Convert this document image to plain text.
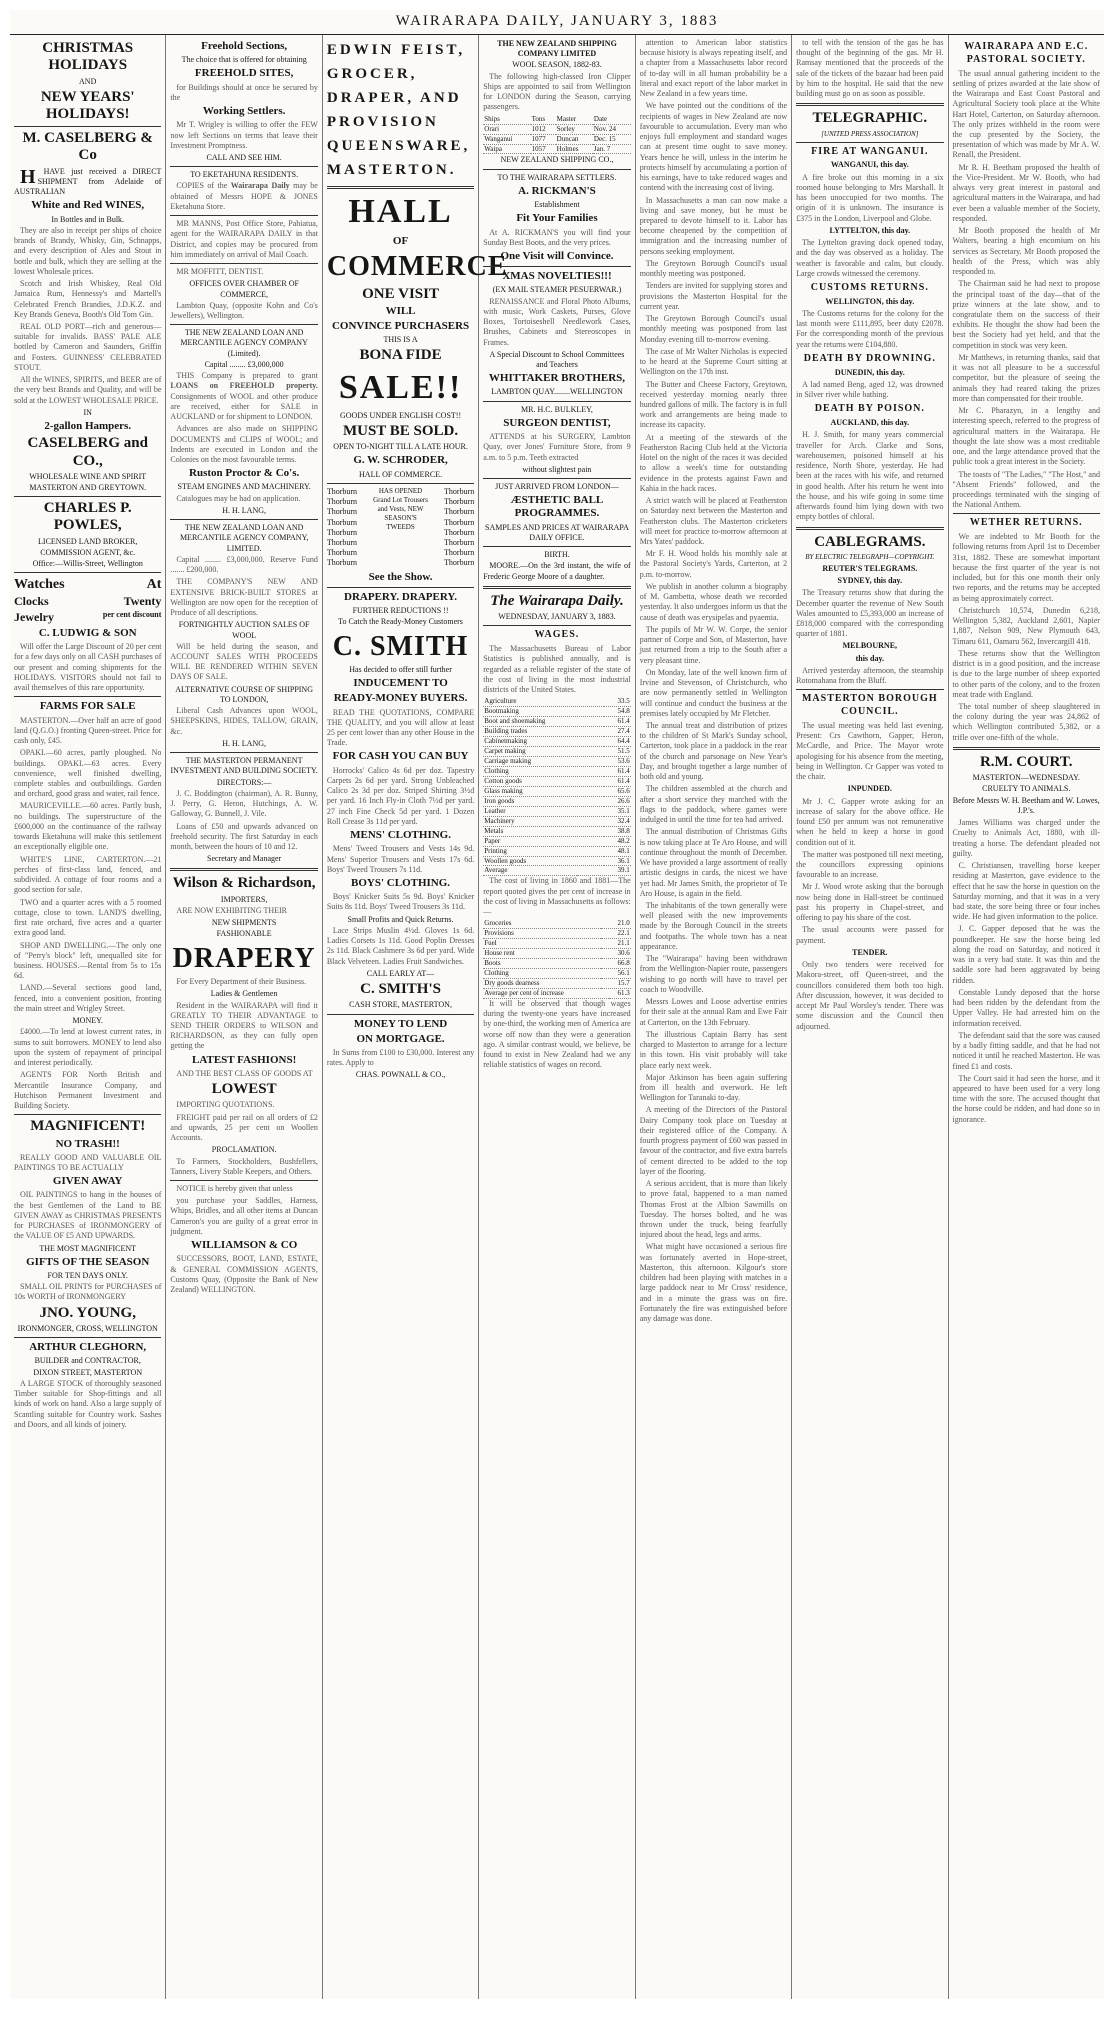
WAIRARAPA DAILY, JANUARY 3, 1883
CHRISTMAS HOLIDAYS
AND
NEW YEARS' HOLIDAYS!
M. CASELBERG & Co

H HAVE just received a DIRECT SHIPMENT from Adelaide of AUSTRALIAN

White and Red WINES,
In Bottles and in Bulk.

They are also in receipt per ships of choice brands of Brandy, Whisky, Gin, Schnapps, and every description of Ales and Stout in bottle and bulk, which they are selling at the lowest Wholesale prices.

Scotch and Irish Whiskey, Real Old Jamaica Rum, Hennessy's and Martell's Celebrated French Brandies, J.D.K.Z. and Key Brands Geneva, Booth's Old Tom Gin.

REAL OLD PORT—rich and generous—suitable for invalids. BASS' PALE ALE bottled by Cameron and Saunders, Griffin and Fosters. GUINNESS' CELEBRATED STOUT.

All the WINES, SPIRITS, and BEER are of the very best Brands and Quality, and will be sold at the LOWEST WHOLESALE PRICE.

IN
2-gallon Hampers.
CASELBERG and CO.,
WHOLESALE WINE AND SPIRIT
MASTERTON AND GREYTOWN.
CHARLES P. POWLES,
LICENSED LAND BROKER,
COMMISSION AGENT, &c.
Office:—Willis-Street, Wellington
Watches	At
Clocks	Twenty
Jewelry	per cent discount
C. LUDWIG & SON

Will offer the Large Discount of 20 per cent for a few days only on all CASH purchases of our present and coming shipments for the HOLIDAYS. VISITORS should not fail to avail themselves of this rare opportunity.

FARMS FOR SALE

MASTERTON.—Over half an acre of good land (Q.G.O.) fronting Queen-street. Price for cash only, £45.

OPAKI.—60 acres, partly ploughed. No buildings. OPAKI.—63 acres. Every convenience, well finished dwelling, complete stables and outbuildings. Garden and orchard, good grass and water, rail fence.

MAURICEVILLE.—60 acres. Partly bush, no buildings. The superstructure of the £600,000 on the continuance of the railway towards Eketahuna will make this settlement an exceptionally eligible one.

WHITE'S LINE, CARTERTON.—21 perches of first-class land, fenced, and subdivided. A cottage of four rooms and a good section for sale.

TWO and a quarter acres with a 5 roomed cottage, close to town. LAND'S dwelling, first rate orchard, five acres and a quarter extra good land.

SHOP AND DWELLING.—The only one of "Perry's block" left, unequalled site for business. HOUSES.—Rental from 5s to 15s 6d.

LAND.—Several sections good land, fenced, into a convenient position, fronting the main street and Wrigley Street.

MONEY.

£4000.—To lend at lowest current rates, in sums to suit borrowers. MONEY to lend also upon the system of repayment of principal and interest periodically.

AGENTS FOR North British and Mercantile Insurance Company, and Hutchison Permanent Investment and Building Society.

MAGNIFICENT!
NO TRASH!!

REALLY GOOD AND VALUABLE OIL PAINTINGS TO BE ACTUALLY

GIVEN AWAY

OIL PAINTINGS to hang in the houses of the best Gentlemen of the Land to BE GIVEN AWAY as CHRISTMAS PRESENTS for PURCHASES of IRONMONGERY of the VALUE OF £5 AND UPWARDS.

THE MOST MAGNIFICENT
GIFTS OF THE SEASON
FOR TEN DAYS ONLY.

SMALL OIL PRINTS for PURCHASES of 10s WORTH of IRONMONGERY

JNO. YOUNG,
IRONMONGER, CROSS, WELLINGTON
ARTHUR CLEGHORN,
BUILDER and CONTRACTOR,
DIXON STREET, MASTERTON

A LARGE STOCK of thoroughly seasoned Timber suitable for Shop-fittings and all kinds of work on hand. Also a large supply of Scantling suitable for Country work. Sashes and Doors, and all kinds of joinery.

Freehold Sections,
The choice that is offered for obtaining
FREEHOLD SITES,

for Buildings should at once be secured by the

Working Settlers.

Mr T. Wrigley is willing to offer the FEW now left Sections on terms that leave their Investment Promptness.

CALL AND SEE HIM.
TO EKETAHUNA RESIDENTS.

COPIES of the Wairarapa Daily may be obtained of Messrs HOPE & JONES Eketahuna Store.

MR MANNS, Post Office Store, Pahiatua, agent for the WAIRARAPA DAILY in that District, and copies may be procured from him immediately on arrival of Mail Coach.

MR MOFFITT, DENTIST.

OFFICES OVER CHAMBER OF COMMERCE,

Lambton Quay, (opposite Kohn and Co's Jewellers), Wellington.

THE NEW ZEALAND LOAN AND MERCANTILE AGENCY COMPANY (Limited).
Capital ........ £3,000,000

THIS Company is prepared to grant LOANS on FREEHOLD property. Consignments of WOOL and other produce are received, either for SALE in AUCKLAND or for shipment to LONDON.

Advances are also made on SHIPPING DOCUMENTS and CLIPS of WOOL; and Indents are executed in London and the Colonies on the most favourable terms.

Ruston Proctor & Co's.
STEAM ENGINES AND MACHINERY.

Catalogues may be had on application.

H. H. LANG,
THE NEW ZEALAND LOAN AND MERCANTILE AGENCY COMPANY, LIMITED.

Capital ........ £3,000,000. Reserve Fund ....... £200,000.

THE COMPANY'S NEW AND EXTENSIVE BRICK-BUILT STORES at Wellington are now open for the reception of Produce of all descriptions.

FORTNIGHTLY AUCTION SALES OF WOOL

Will be held during the season, and ACCOUNT SALES WITH PROCEEDS WILL BE RENDERED WITHIN SEVEN DAYS OF SALE.

ALTERNATIVE COURSE OF SHIPPING TO LONDON,

Liberal Cash Advances upon WOOL, SHEEPSKINS, HIDES, TALLOW, GRAIN, &c.

H. H. LANG,
THE MASTERTON PERMANENT INVESTMENT AND BUILDING SOCIETY.
DIRECTORS:—

J. C. Boddington (chairman), A. R. Bunny, J. Perry, G. Heron, Hutchings, A. W. Galloway, G. Bunnell, J. Vile.

Loans of £50 and upwards advanced on freehold security. The first Saturday in each month, between the hours of 10 and 12.

Secretary and Manager
Wilson & Richardson,
IMPORTERS,

ARE NOW EXHIBITING THEIR

NEW SHIPMENTS
FASHIONABLE
DRAPERY

For Every Department of their Business.

Ladies & Gentlemen

Resident in the WAIRARAPA will find it GREATLY TO THEIR ADVANTAGE to SEND THEIR ORDERS to WILSON and RICHARDSON, as they can fully open getting the

LATEST FASHIONS!

AND THE BEST CLASS OF GOODS AT

LOWEST

IMPORTING QUOTATIONS.

FREIGHT paid per rail on all orders of £2 and upwards, 25 per cent on Woollen Accounts.

PROCLAMATION.

To Farmers, Stockholders, Bushfellers, Tanners, Livery Stable Keepers, and Others.

NOTICE is hereby given that unless

you purchase your Saddles, Harness, Whips, Bridles, and all other items at Duncan Cameron's you are guilty of a great error in judgment.

WILLIAMSON & CO

SUCCESSORS, BOOT, LAND, ESTATE, & GENERAL COMMISSION AGENTS, Customs Quay, (Opposite the Bank of New Zealand) WELLINGTON.

EDWIN FEIST,
GROCER,
DRAPER, AND
PROVISION
QUEENSWARE,
MASTERTON.
HALL
OF
COMMERCE
ONE VISIT
WILL
CONVINCE PURCHASERS
THIS IS A
BONA FIDE
SALE!!
GOODS UNDER ENGLISH COST!!
MUST BE SOLD.
OPEN TO-NIGHT TILL A LATE HOUR.
G. W. SCHRODER,
HALL OF COMMERCE.
Thorburn
Thorburn
Thorburn
Thorburn
Thorburn
Thorburn
Thorburn
Thorburn
HAS OPENED Grand Lot Trousers and Vests, NEW SEASON'S TWEEDS
Thorburn
Thorburn
Thorburn
Thorburn
Thorburn
Thorburn
Thorburn
Thorburn
See the Show.
DRAPERY. DRAPERY.
FURTHER REDUCTIONS !!
To Catch the Ready-Money Customers
C. SMITH
Has decided to offer still further
INDUCEMENT TO
READY-MONEY BUYERS.

READ THE QUOTATIONS, COMPARE THE QUALITY, and you will allow at least 25 per cent lower than any other House in the Trade.

FOR CASH YOU CAN BUY

Horrocks' Calico 4s 6d per doz. Tapestry Carpets 2s 6d per yard. Strong Unbleached Calico 2s 3d per doz. Striped Shirting 3½d per yard. 16 Inch Fly-in Cloth 7½d per yard. 27 inch Fine Check 5d per yard. 1 Dozen Roll Crease 3s 11d per yard.

MENS' CLOTHING.

Mens' Tweed Trousers and Vests 14s 9d. Mens' Superior Trousers and Vests 17s 6d. Boys' Tweed Trousers 7s 11d.

BOYS' CLOTHING.

Boys' Knicker Suits 5s 9d. Boys' Knicker Suits 8s 11d. Boys' Tweed Trousers 3s 11d.

Small Profits and Quick Returns.

Lace Strips Muslin 4½d. Gloves 1s 6d. Ladies Corsets 1s 11d. Good Poplin Dresses 2s 11d. Black Cashmere 3s 6d per yard. Wide Black Velveteen. Ladies Fruit Sandwiches.

CALL EARLY AT—
C. SMITH'S
CASH STORE, MASTERTON,
MONEY TO LEND
ON MORTGAGE.

In Sums from £100 to £30,000. Interest any rates. Apply to

CHAS. POWNALL & CO.,
THE NEW ZEALAND SHIPPING COMPANY LIMITED
WOOL SEASON, 1882-83.

The following high-classed Iron Clipper Ships are appointed to sail from Wellington for LONDON during the Season, carrying passengers.

Ships	Tons	Master	Date
Orari	1012	Sorley	Nov. 24
Wanganui	1077	Duncan	Dec. 15
Waipa	1057	Holmes	Jan. 7
NEW ZEALAND SHIPPING CO.,
TO THE WAIRARAPA SETTLERS.
A. RICKMAN'S
Establishment
Fit Your Families

At A. RICKMAN'S you will find your Sunday Best Boots, and the very prices.

One Visit will Convince.
XMAS NOVELTIES!!!
(EX MAIL STEAMER PESUERWAR.)

RENAISSANCE and Floral Photo Albums, with music, Work Caskets, Purses, Glove Boxes, Tortoiseshell Needlework Cases, Brushes, Cabinets and Stereoscopes in Frames.

A Special Discount to School Committees and Teachers
WHITTAKER BROTHERS,
LAMBTON QUAY........WELLINGTON
MR. H.C. BULKLEY,
SURGEON DENTIST,

ATTENDS at his SURGERY, Lambton Quay, over Jones' Furniture Store, from 9 a.m. to 5 p.m. Teeth extracted

without slightest pain
JUST ARRIVED FROM LONDON—
ÆSTHETIC BALL PROGRAMMES.
SAMPLES AND PRICES AT WAIRARAPA DAILY OFFICE.
BIRTH.

MOORE.—On the 3rd instant, the wife of Frederic George Moore of a daughter.

The Wairarapa Daily.
WEDNESDAY, JANUARY 3, 1883.
WAGES.

The Massachusetts Bureau of Labor Statistics is published annually, and is regarded as a reliable register of the state of the cost of living in the most industrial districts of the United States.

Agriculture	33.5
Bootmaking	54.8
Boot and shoemaking	61.4
Building trades	27.4
Cabinetmaking	64.4
Carpet making	51.5
Carriage making	53.6
Clothing	61.4
Cotton goods	61.4
Glass making	65.6
Iron goods	26.6
Leather	35.1
Machinery	32.4
Metals	38.8
Paper	48.2
Printing	48.1
Woollen goods	36.1
Average	39.1

The cost of living in 1860 and 1881—The report quoted gives the per cent of increase in the cost of living in Massachusetts as follows:—

Groceries	21.0
Provisions	22.1
Fuel	21.1
House rent	30.6
Boots	66.8
Clothing	56.1
Dry goods dearness	15.7
Average per cent of increase	61.3

It will be observed that though wages during the twenty-one years have increased by one-third, the working men of America are worse off now than they were a generation ago. A similar contrast would, we believe, be found to exist in New Zealand had we any reliable statistics of wages on record.

attention to American labor statistics because history is always repeating itself, and a chapter from a Massachusetts labor record of to-day will in all human probability be a literal and exact report of the labor market in New Zealand in a few years time.

We have pointed out the conditions of the recipients of wages in New Zealand are now favourable to accumulation. Every man who enjoys full employment and standard wages can at present time ought to save money. Years hence he will, unless in the interim he protects himself by accumulating a portion of his earnings, have to take reduced wages and contend with the increasing cost of living.

In Massachusetts a man can now make a living and save money, but he must be prepared to devote himself to it. Labor has become cheapened by the competition of immigration and the increasing number of persons seeking employment.

The Greytown Borough Council's usual monthly meeting was postponed.

Tenders are invited for supplying stores and provisions the Masterton Hospital for the current year.

The Greytown Borough Council's usual monthly meeting was postponed from last Monday evening till to-morrow evening.

The case of Mr Walter Nicholas is expected to be heard at the Supreme Court sitting at Wellington on the 17th inst.

The Butter and Cheese Factory, Greytown, received yesterday morning nearly three hundred gallons of milk. The factory is in full work and arrangements are being made to increase its capacity.

At a meeting of the stewards of the Featherston Racing Club held at the Victoria Hotel on the night of the races it was decided to allow a week's time for outstanding evidence in the protests against Fawn and Kahia in the hack races.

A strict watch will be placed at Featherston on Saturday next between the Masterton and Featherston clubs. The Masterton cricketers will meet for practice to-morrow afternoon at Mrs Yates' paddock.

Mr F. H. Wood holds his monthly sale at the Pastoral Society's Yards, Carterton, at 2 p.m. to-morrow.

We publish in another column a biography of M. Gambetta, whose death we recorded yesterday. It also undergoes inform us that the cause of death was erysipelas and pyaemia.

The pupils of Mr W. W. Corpe, the senior partner of Corpe and Son, of Masterton, have just returned from a trip to the South after a very pleasant time.

On Monday, late of the well known firm of Irvine and Stevenson, of Christchurch, who are now permanently settled in Wellington will continue and conduct the business at the premises lately occupied by Mr Fletcher.

The annual treat and distribution of prizes to the children of St Mark's Sunday school, Carterton, took place in a paddock in the rear of the church and parsonage on New Year's Day, and brought together a large number of both old and young.

The children assembled at the church and after a short service they marched with the flags to the paddock, where games were indulged in until the time for tea had arrived.

The annual distribution of Christmas Gifts is now taking place at Te Aro House, and will continue throughout the month of December. We have provided a large assortment of really artistic designs in cards, the nicest we have yet had. Mr James Smith, the proprietor of Te Aro House, is again in the field.

The inhabitants of the town generally were well pleased with the new improvements made by the Borough Council in the streets and footpaths. The whole town has a neat appearance.

The "Wairarapa" having been withdrawn from the Wellington-Napier route, passengers wishing to go north will have to travel per coach to Woodville.

Messrs Lowes and Loose advertise entries for their sale at the annual Ram and Ewe Fair at Carterton, on the 13th February.

The illustrious Captain Barry has sent charged to Masterton to arrange for a lecture in this town. His visit probably will take place early next week.

Major Atkinson has been again suffering from ill health and overwork. He left Wellington for Taranaki to-day.

A meeting of the Directors of the Pastoral Dairy Company took place on Tuesday at their registered office of the Company. A fourth progress payment of £60 was passed in favour of the contractor, and five extra barrels of cement directed to be added to the top layer of the flooring.

A serious accident, that is more than likely to prove fatal, happened to a man named Thomas Frost at the Albion Sawmills on Tuesday. The horses bolted, and he was thrown under the truck, being fearfully injured about the head, legs and arms.

What might have occasioned a serious fire was fortunately averted in Hope-street, Masterton, this afternoon. Kilgour's store children had been playing with matches in a large paddock near to Mr Cross' residence, and in a minute the grass was on fire. Fortunately the fire was extinguished before any damage was done.

to tell with the tension of the gas he has thought of the beginning of the gas. Mr H. Ramsay mentioned that the proceeds of the sale of the tickets of the bazaar had been paid by him to the hospital. He said that the new building must go on as soon as possible.

TELEGRAPHIC.
[UNITED PRESS ASSOCIATION]
FIRE AT WANGANUI.
WANGANUI, this day.

A fire broke out this morning in a six roomed house belonging to Mrs Marshall. It has been unoccupied for two months. The origin of it is unknown. The insurance is £375 in the London, Liverpool and Globe.

LYTTELTON, this day.

The Lyttelton graving dock opened today, and the day was observed as a holiday. The weather is favorable and calm, but cloudy. Large crowds witnessed the ceremony.

CUSTOMS RETURNS.
WELLINGTON, this day.

The Customs returns for the colony for the last month were £111,895, beer duty £2078. For the corresponding month of the previous year the returns were £104,880.

DEATH BY DROWNING.
DUNEDIN, this day.

A lad named Beng, aged 12, was drowned in Silver river while bathing.

DEATH BY POISON.
AUCKLAND, this day.

H. J. Smith, for many years commercial traveller for Arch. Clarke and Sons, warehousemen, poisoned himself at his residence, North Shore, yesterday. He had been at the races with his wife, and returned in good health. After his return he went into the house, and his wife going in some time afterwards found him lying down with two empty bottles of chloral.

CABLEGRAMS.
BY ELECTRIC TELEGRAPH—COPYRIGHT.
REUTER'S TELEGRAMS.
SYDNEY, this day.

The Treasury returns show that during the December quarter the revenue of New South Wales amounted to £5,393,000 an increase of £818,000 compared with the corresponding quarter of 1881.

MELBOURNE,
this day.

Arrived yesterday afternoon, the steamship Rotomahana from the Bluff.

MASTERTON BOROUGH COUNCIL.

The usual meeting was held last evening. Present: Crs Cawthorn, Gapper, Heron, McCardle, and Price. The Mayor wrote apologising for his absence from the meeting, being in Wellington. Cr Gapper was voted to the chair.

INPUNDED.

Mr J. C. Gapper wrote asking for an increase of salary for the above office. He found £50 per annum was not remunerative when he held to keep a horse in good condition out of it.

The matter was postponed till next meeting, the councillors expressing opinions favourable to an increase.

Mr J. Wood wrote asking that the borough now being done in Hall-street be continued past his property in Chapel-street, and offering to pay his share of the cost.

The usual accounts were passed for payment.

TENDER.

Only two tenders were received for Makora-street, off Queen-street, and the councillors considered them both too high. After discussion, however, it was decided to accept Mr Paul Worsley's tender. There was some discussion and the Council then adjourned.

WAIRARAPA AND E.C. PASTORAL SOCIETY.

The usual annual gathering incident to the settling of prizes awarded at the late show of the Wairarapa and East Coast Pastoral and Agricultural Society took place at the White Hart Hotel, Carterton, on Saturday afternoon. The only prizes withheld in the room were the cup presented by the Society, the presentation of which was made by Mr A. W. Renall, the President.

Mr R. H. Beetham proposed the health of the Vice-President. Mr W. Booth, who had always very great interest in pastoral and agricultural matters in the Wairarapa, and had ever been a valuable member of the Society, responded.

Mr Booth proposed the health of Mr Walters, bearing a high encomium on his services as Secretary. Mr Booth proposed the health of the Press, which was ably responded to.

The Chairman said he had next to propose the principal toast of the day—that of the prize winners at the late show, and to congratulate them on the success of their exhibits. He thought the show had been the best the Society had yet held, and that the competition in stock was very keen.

Mr Matthews, in returning thanks, said that it was not all pleasure to be a successful competitor, but the pleasure of seeing the animals they had reared taking the prizes more than compensated for their trouble.

Mr C. Pharazyn, in a lengthy and interesting speech, referred to the progress of agricultural matters in the Wairarapa. He thought the late show was a most creditable one, and the large attendance proved that the public took a great interest in the Society.

The toasts of "The Ladies," "The Host," and "Absent Friends" followed, and the proceedings terminated with the singing of the National Anthem.

WETHER RETURNS.

We are indebted to Mr Booth for the following returns from April 1st to December 31st, 1882. These are somewhat important because the first quarter of the year is not included, but for this one month their only two reports, and the returns may be accepted as being approximately correct.

Christchurch 10,574, Dunedin 6,218, Wellington 5,382, Auckland 2,601, Napier 1,887, Nelson 909, New Plymouth 643, Timaru 611, Oamaru 562, Invercargill 418.

These returns show that the Wellington district is in a good position, and the increase is due to the large number of sheep exported to other parts of the colony, and to the frozen meat trade with England.

The total number of sheep slaughtered in the colony during the year was 24,862 of which Wellington contributed 5,382, or a trifle over one-fifth of the whole.

R.M. COURT.
MASTERTON—WEDNESDAY.
CRUELTY TO ANIMALS.

Before Messrs W. H. Beetham and W. Lowes, J.P.'s.

James Williams was charged under the Cruelty to Animals Act, 1880, with ill-treating a horse. The defendant pleaded not guilty.

C. Christiansen, travelling horse keeper residing at Masterton, gave evidence to the effect that he saw the horse in question on the Saturday morning, and that it was in a very bad state, the sore being three or four inches wide. He had given information to the police.

J. C. Gapper deposed that he was the poundkeeper. He saw the horse being led along the road on Saturday, and noticed it was in a very bad state. It was thin and the saddle sore had been aggravated by being ridden.

Constable Lundy deposed that the horse had been ridden by the defendant from the Upper Valley. He had arrested him on the information received.

The defendant said that the sore was caused by a badly fitting saddle, and that he had not noticed it until he reached Masterton. He was fined £1 and costs.

The Court said it had seen the horse, and it appeared to have been used for a very long time with the sore. The accused thought that the horse could be ridden, and had done so in ignorance.
